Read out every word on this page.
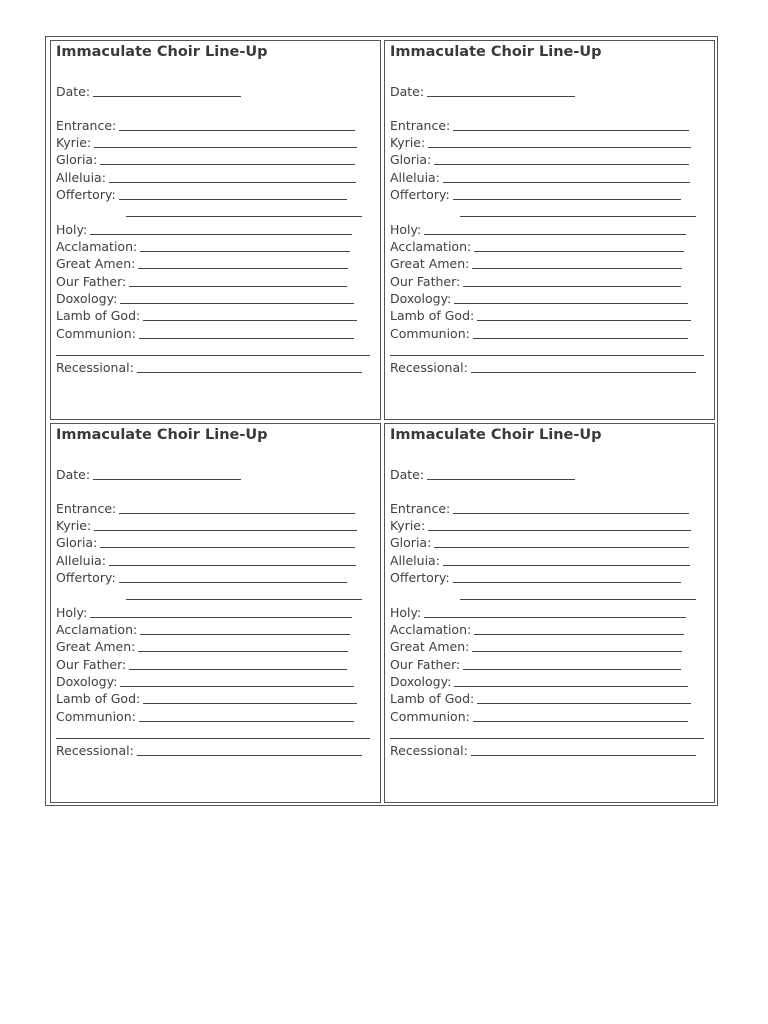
Immaculate Choir Line-Up
Date:
Entrance:
Kyrie:
Gloria:
Alleluia:
Offertory:
Holy:
Acclamation:
Great Amen:
Our Father:
Doxology:
Lamb of God:
Communion:
Recessional:
Immaculate Choir Line-Up
Date:
Entrance:
Kyrie:
Gloria:
Alleluia:
Offertory:
Holy:
Acclamation:
Great Amen:
Our Father:
Doxology:
Lamb of God:
Communion:
Recessional:
Immaculate Choir Line-Up
Date:
Entrance:
Kyrie:
Gloria:
Alleluia:
Offertory:
Holy:
Acclamation:
Great Amen:
Our Father:
Doxology:
Lamb of God:
Communion:
Recessional:
Immaculate Choir Line-Up
Date:
Entrance:
Kyrie:
Gloria:
Alleluia:
Offertory:
Holy:
Acclamation:
Great Amen:
Our Father:
Doxology:
Lamb of God:
Communion:
Recessional:
